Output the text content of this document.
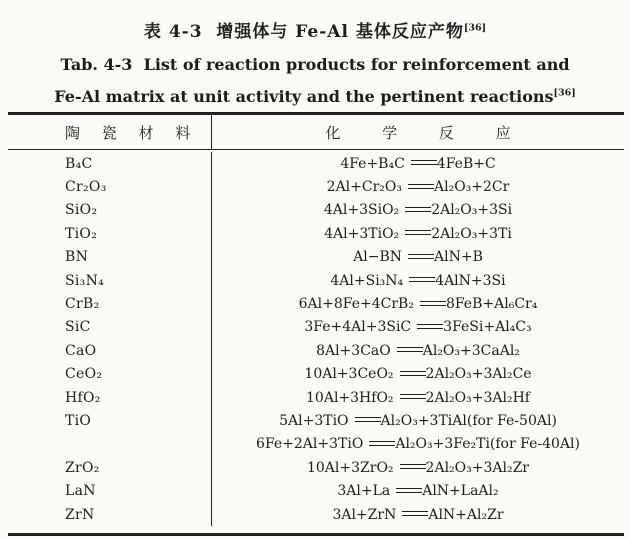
表 4-3  增强体与 Fe-Al 基体反应产物[36]
Tab. 4-3  List of reaction products for reinforcement and
Fe-Al matrix at unit activity and the pertinent reactions[36]
陶 瓷 材 料	化 学 反 应
B₄C	4Fe+B₄C 4FeB+C
Cr₂O₃	2Al+Cr₂O₃ Al₂O₃+2Cr
SiO₂	4Al+3SiO₂ 2Al₂O₃+3Si
TiO₂	4Al+3TiO₂ 2Al₂O₃+3Ti
BN	Al−BN AlN+B
Si₃N₄	4Al+Si₃N₄ 4AlN+3Si
CrB₂	6Al+8Fe+4CrB₂ 8FeB+Al₆Cr₄
SiC	3Fe+4Al+3SiC 3FeSi+Al₄C₃
CaO	8Al+3CaO Al₂O₃+3CaAl₂
CeO₂	10Al+3CeO₂ 2Al₂O₃+3Al₂Ce
HfO₂	10Al+3HfO₂ 2Al₂O₃+3Al₂Hf
TiO	5Al+3TiO Al₂O₃+3TiAl(for Fe-50Al)
6Fe+2Al+3TiO Al₂O₃+3Fe₂Ti(for Fe-40Al)
ZrO₂	10Al+3ZrO₂ 2Al₂O₃+3Al₂Zr
LaN	3Al+La AlN+LaAl₂
ZrN	3Al+ZrN AlN+Al₂Zr
